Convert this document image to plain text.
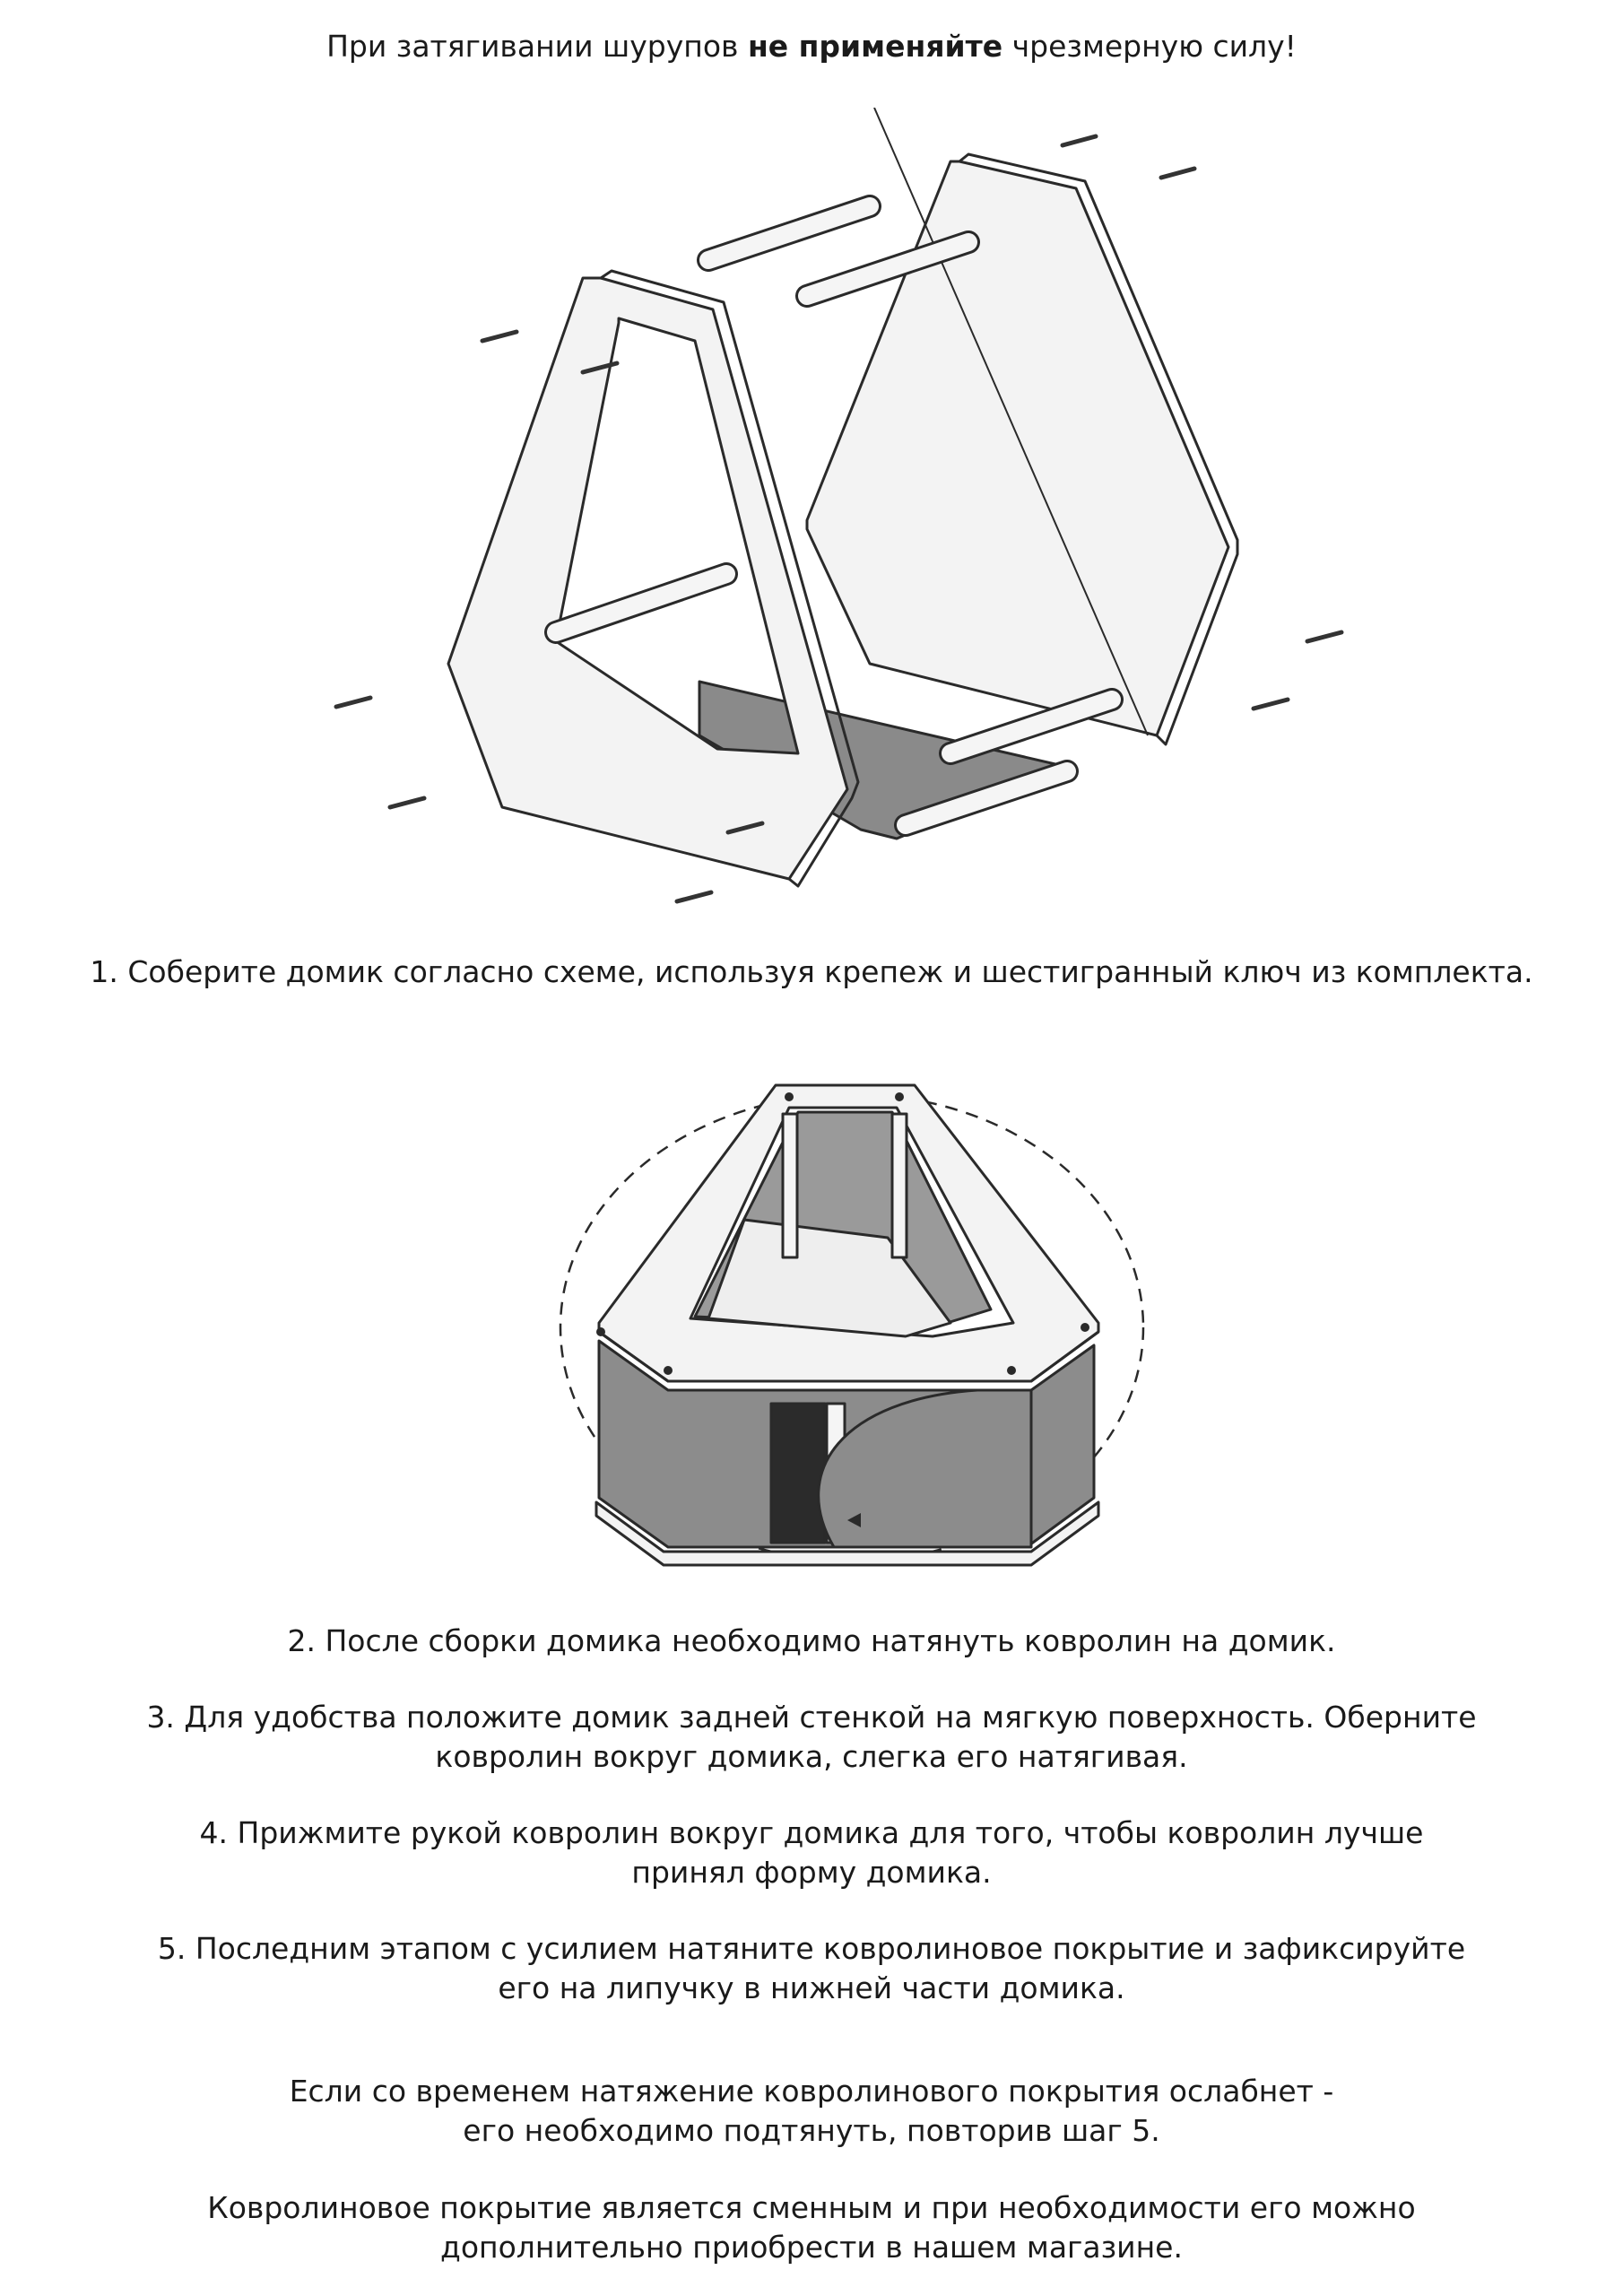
При затягивании шурупов не применяйте чрезмерную силу!
1. Соберите домик согласно схеме, используя крепеж и шестигранный ключ из комплекта.
2. После сборки домика необходимо натянуть ковролин на домик.
3. Для удобства положите домик задней стенкой на мягкую поверхность. Оберните
ковролин вокруг домика, слегка его натягивая.
4. Прижмите рукой ковролин вокруг домика для того, чтобы ковролин лучше
принял форму домика.
5. Последним этапом с усилием натяните ковролиновое покрытие и зафиксируйте
его на липучку в нижней части домика.
Если со временем натяжение ковролинового покрытия ослабнет -
его необходимо подтянуть, повторив шаг 5.
Ковролиновое покрытие является сменным и при необходимости его можно
дополнительно приобрести в нашем магазине.
